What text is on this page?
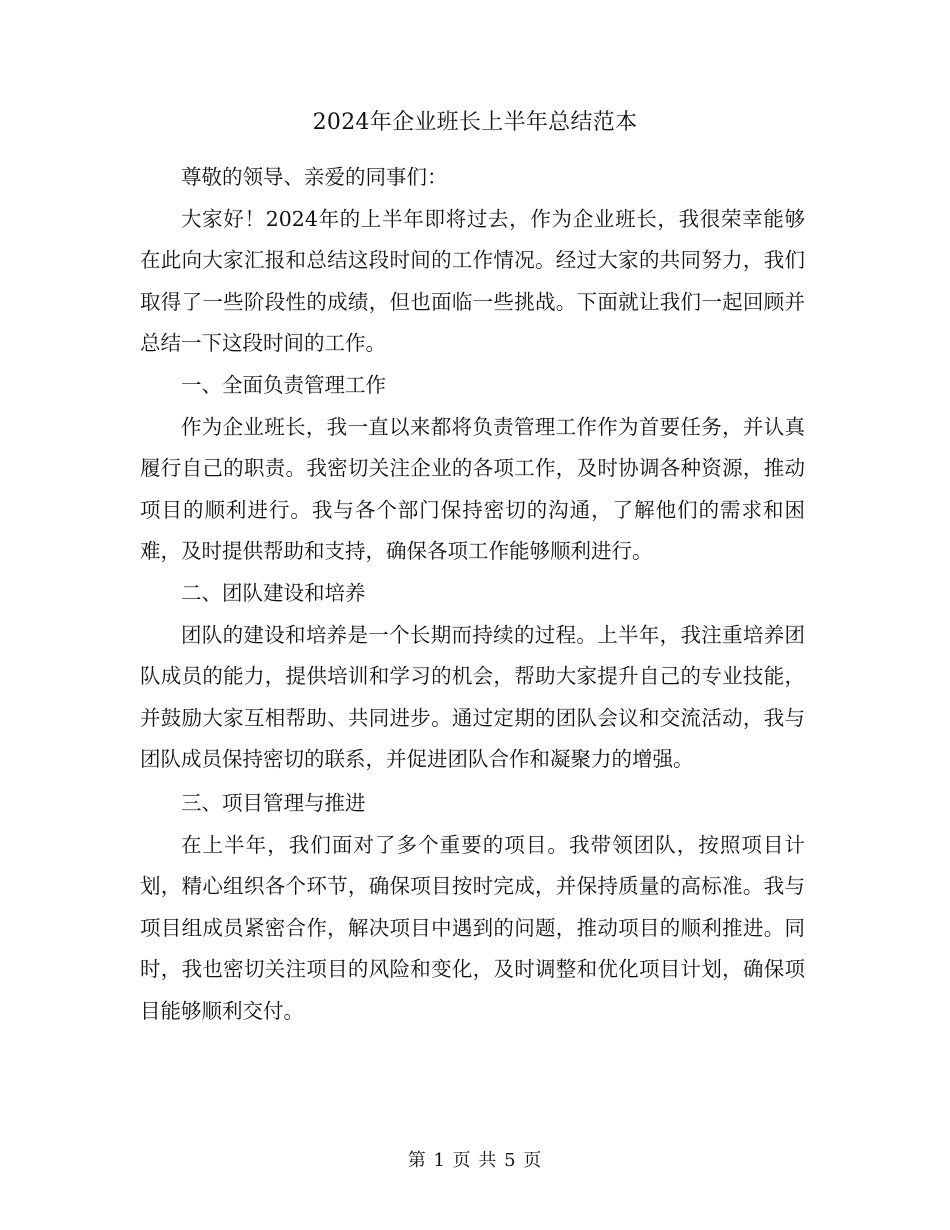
2024年企业班长上半年总结范本

尊敬的领导、亲爱的同事们：

大家好！2024年的上半年即将过去，作为企业班长，我很荣幸能够在此向大家汇报和总结这段时间的工作情况。经过大家的共同努力，我们取得了一些阶段性的成绩，但也面临一些挑战。下面就让我们一起回顾并总结一下这段时间的工作。

一、全面负责管理工作

作为企业班长，我一直以来都将负责管理工作作为首要任务，并认真履行自己的职责。我密切关注企业的各项工作，及时协调各种资源，推动项目的顺利进行。我与各个部门保持密切的沟通，了解他们的需求和困难，及时提供帮助和支持，确保各项工作能够顺利进行。

二、团队建设和培养

团队的建设和培养是一个长期而持续的过程。上半年，我注重培养团队成员的能力，提供培训和学习的机会，帮助大家提升自己的专业技能，并鼓励大家互相帮助、共同进步。通过定期的团队会议和交流活动，我与团队成员保持密切的联系，并促进团队合作和凝聚力的增强。

三、项目管理与推进

在上半年，我们面对了多个重要的项目。我带领团队，按照项目计划，精心组织各个环节，确保项目按时完成，并保持质量的高标准。我与项目组成员紧密合作，解决项目中遇到的问题，推动项目的顺利推进。同时，我也密切关注项目的风险和变化，及时调整和优化项目计划，确保项目能够顺利交付。

第 1 页 共 5 页
